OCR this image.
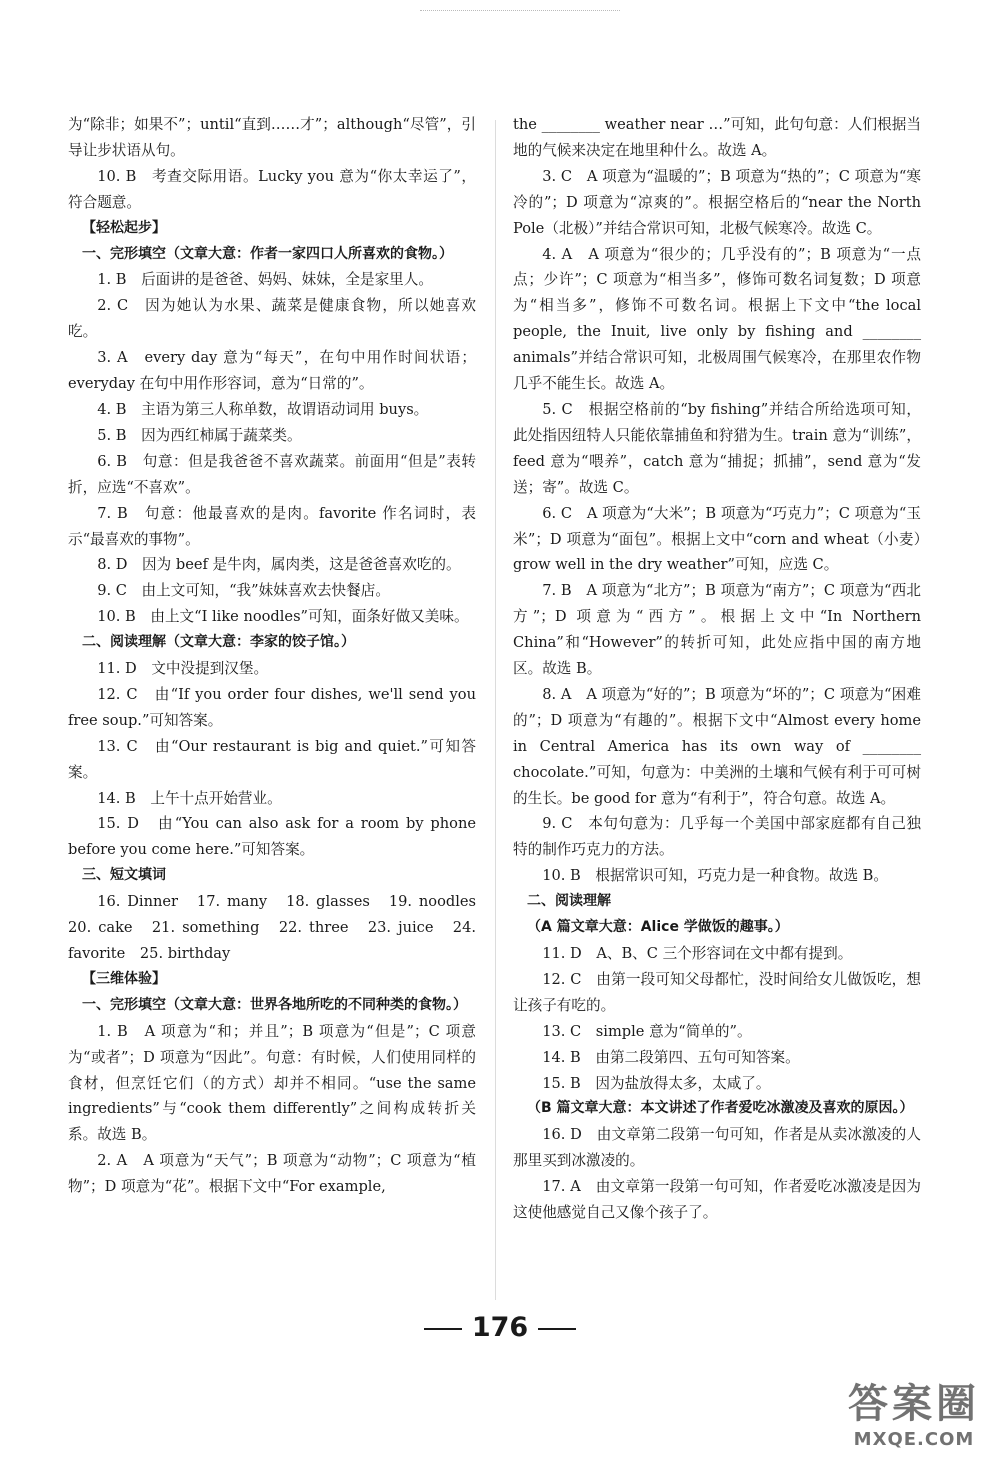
为“除非；如果不”；until“直到……才”；although“尽管”，引导让步状语从句。

10. B　考查交际用语。Lucky you 意为“你太幸运了”，符合题意。

【轻松起步】

一、完形填空（文章大意：作者一家四口人所喜欢的食物。）

1. B　后面讲的是爸爸、妈妈、妹妹，全是家里人。

2. C　因为她认为水果、蔬菜是健康食物，所以她喜欢吃。

3. A　every day 意为“每天”，在句中用作时间状语；everyday 在句中用作形容词，意为“日常的”。

4. B　主语为第三人称单数，故谓语动词用 buys。

5. B　因为西红柿属于蔬菜类。

6. B　句意：但是我爸爸不喜欢蔬菜。前面用“但是”表转折，应选“不喜欢”。

7. B　句意：他最喜欢的是肉。favorite 作名词时，表示“最喜欢的事物”。

8. D　因为 beef 是牛肉，属肉类，这是爸爸喜欢吃的。

9. C　由上文可知，“我”妹妹喜欢去快餐店。

10. B　由上文“I like noodles”可知，面条好做又美味。

二、阅读理解（文章大意：李家的饺子馆。）

11. D　文中没提到汉堡。

12. C　由“If you order four dishes, we'll send you free soup.”可知答案。

13. C　由“Our restaurant is big and quiet.”可知答案。

14. B　上午十点开始营业。

15. D　由“You can also ask for a room by phone before you come here.”可知答案。

三、短文填词

16. Dinner　17. many　18. glasses　19. noodles　20. cake　21. something　22. three　23. juice　24. favorite　25. birthday

【三维体验】

一、完形填空（文章大意：世界各地所吃的不同种类的食物。）

1. B　A 项意为“和；并且”；B 项意为“但是”；C 项意为“或者”；D 项意为“因此”。句意：有时候，人们使用同样的食材，但烹饪它们（的方式）却并不相同。“use the same ingredients”与“cook them differently”之间构成转折关系。故选 B。

2. A　A 项意为“天气”；B 项意为“动物”；C 项意为“植物”；D 项意为“花”。根据下文中“For example,

the ________ weather near …”可知，此句句意：人们根据当地的气候来决定在地里种什么。故选 A。

3. C　A 项意为“温暖的”；B 项意为“热的”；C 项意为“寒冷的”；D 项意为“凉爽的”。根据空格后的“near the North Pole（北极）”并结合常识可知，北极气候寒冷。故选 C。

4. A　A 项意为“很少的；几乎没有的”；B 项意为“一点点；少许”；C 项意为“相当多”，修饰可数名词复数；D 项意为“相当多”，修饰不可数名词。根据上下文中“the local people, the Inuit, live only by fishing and ________ animals”并结合常识可知，北极周围气候寒冷，在那里农作物几乎不能生长。故选 A。

5. C　根据空格前的“by fishing”并结合所给选项可知，此处指因纽特人只能依靠捕鱼和狩猎为生。train 意为“训练”，feed 意为“喂养”，catch 意为“捕捉；抓捕”，send 意为“发送；寄”。故选 C。

6. C　A 项意为“大米”；B 项意为“巧克力”；C 项意为“玉米”；D 项意为“面包”。根据上文中“corn and wheat（小麦）grow well in the dry weather”可知，应选 C。

7. B　A 项意为“北方”；B 项意为“南方”；C 项意为“西北方”；D 项意为“西方”。根据上文中“In Northern China”和“However”的转折可知，此处应指中国的南方地区。故选 B。

8. A　A 项意为“好的”；B 项意为“坏的”；C 项意为“困难的”；D 项意为“有趣的”。根据下文中“Almost every home in Central America has its own way of ________ chocolate.”可知，句意为：中美洲的土壤和气候有利于可可树的生长。be good for 意为“有利于”，符合句意。故选 A。

9. C　本句句意为：几乎每一个美国中部家庭都有自己独特的制作巧克力的方法。

10. B　根据常识可知，巧克力是一种食物。故选 B。

二、阅读理解

（A 篇文章大意：Alice 学做饭的趣事。）

11. D　A、B、C 三个形容词在文中都有提到。

12. C　由第一段可知父母都忙，没时间给女儿做饭吃，想让孩子有吃的。

13. C　simple 意为“简单的”。

14. B　由第二段第四、五句可知答案。

15. B　因为盐放得太多，太咸了。

（B 篇文章大意：本文讲述了作者爱吃冰激凌及喜欢的原因。）

16. D　由文章第二段第一句可知，作者是从卖冰激凌的人那里买到冰激凌的。

17. A　由文章第一段第一句可知，作者爱吃冰激凌是因为这使他感觉自己又像个孩子了。

176
答案圈
MXQE.COM
